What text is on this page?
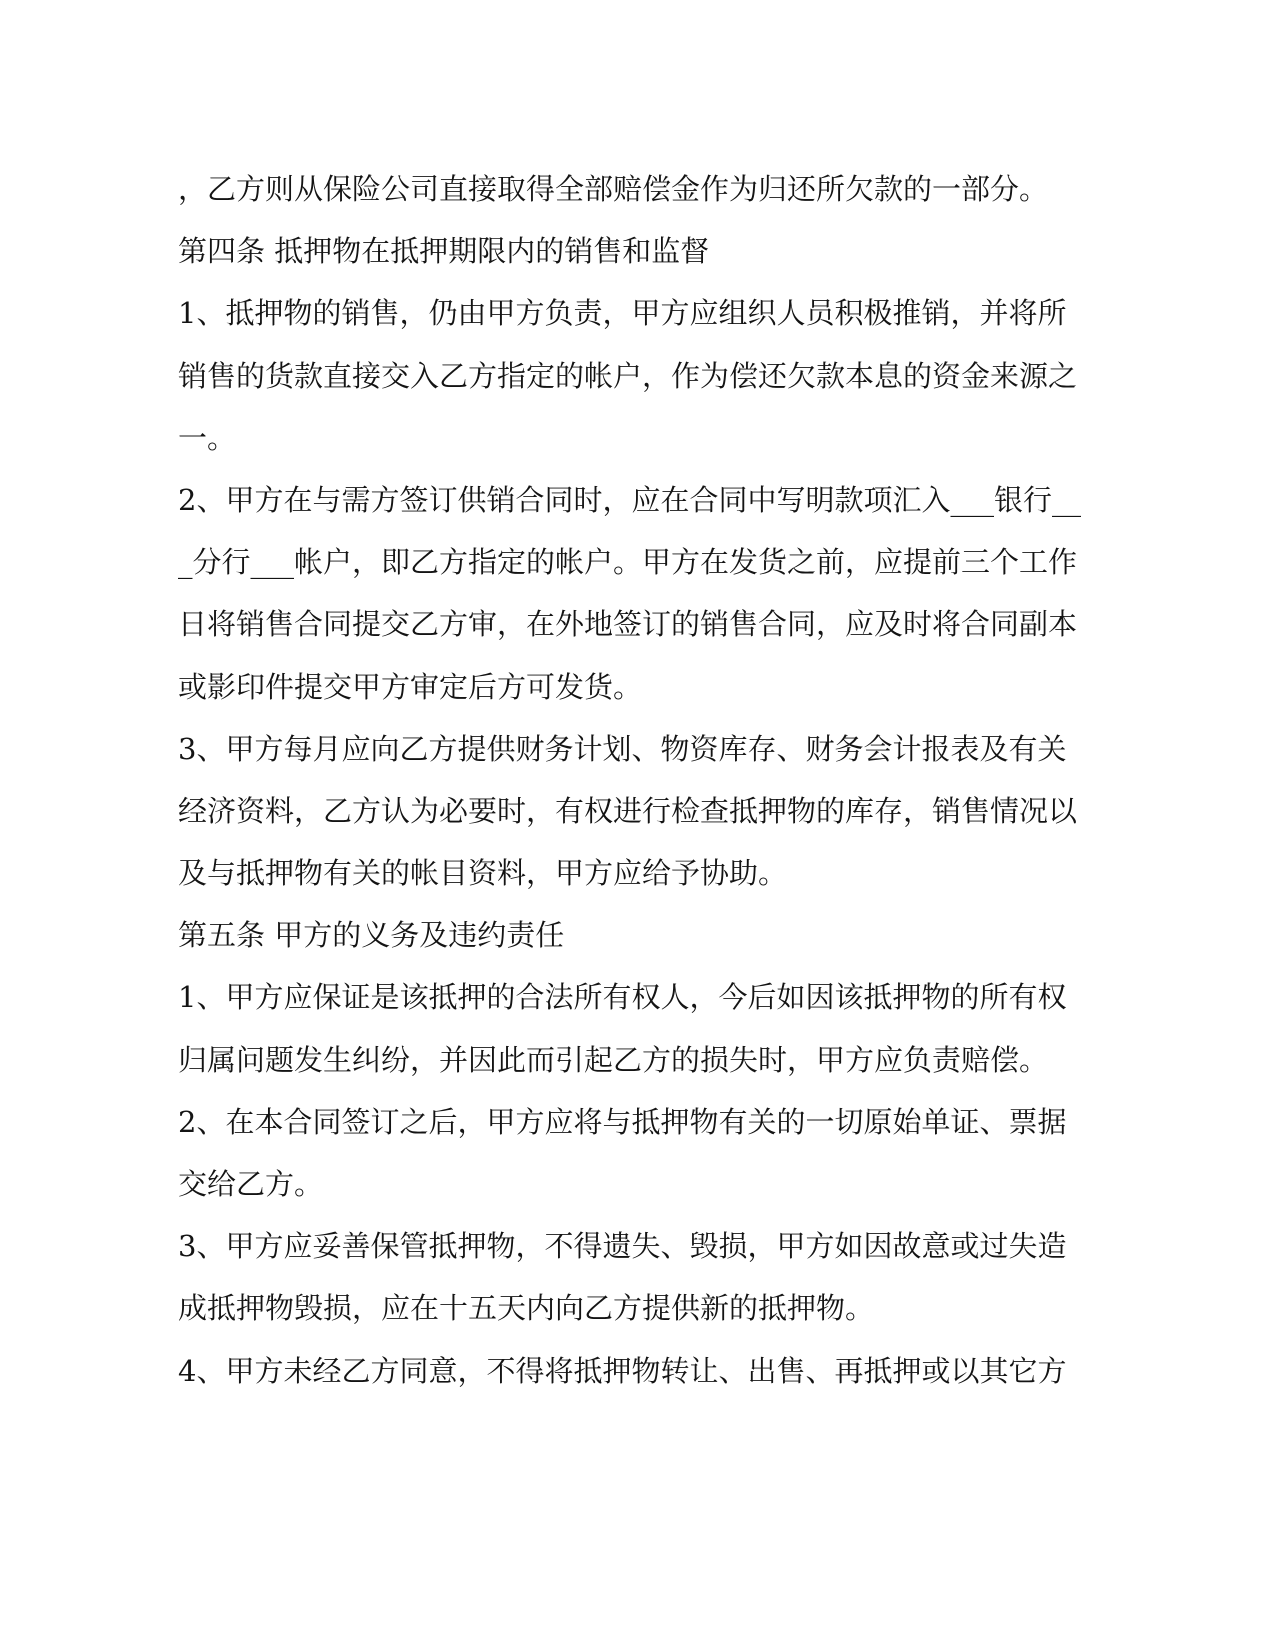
，乙方则从保险公司直接取得全部赔偿金作为归还所欠款的一部分。
第四条 抵押物在抵押期限内的销售和监督
1、抵押物的销售，仍由甲方负责，甲方应组织人员积极推销，并将所
销售的货款直接交入乙方指定的帐户，作为偿还欠款本息的资金来源之
一。
2、甲方在与需方签订供销合同时，应在合同中写明款项汇入___银行__
_分行___帐户，即乙方指定的帐户。甲方在发货之前，应提前三个工作
日将销售合同提交乙方审，在外地签订的销售合同，应及时将合同副本
或影印件提交甲方审定后方可发货。
3、甲方每月应向乙方提供财务计划、物资库存、财务会计报表及有关
经济资料，乙方认为必要时，有权进行检查抵押物的库存，销售情况以
及与抵押物有关的帐目资料，甲方应给予协助。
第五条 甲方的义务及违约责任
1、甲方应保证是该抵押的合法所有权人，今后如因该抵押物的所有权
归属问题发生纠纷，并因此而引起乙方的损失时，甲方应负责赔偿。
2、在本合同签订之后，甲方应将与抵押物有关的一切原始单证、票据
交给乙方。
3、甲方应妥善保管抵押物，不得遗失、毁损，甲方如因故意或过失造
成抵押物毁损，应在十五天内向乙方提供新的抵押物。
4、甲方未经乙方同意，不得将抵押物转让、出售、再抵押或以其它方
